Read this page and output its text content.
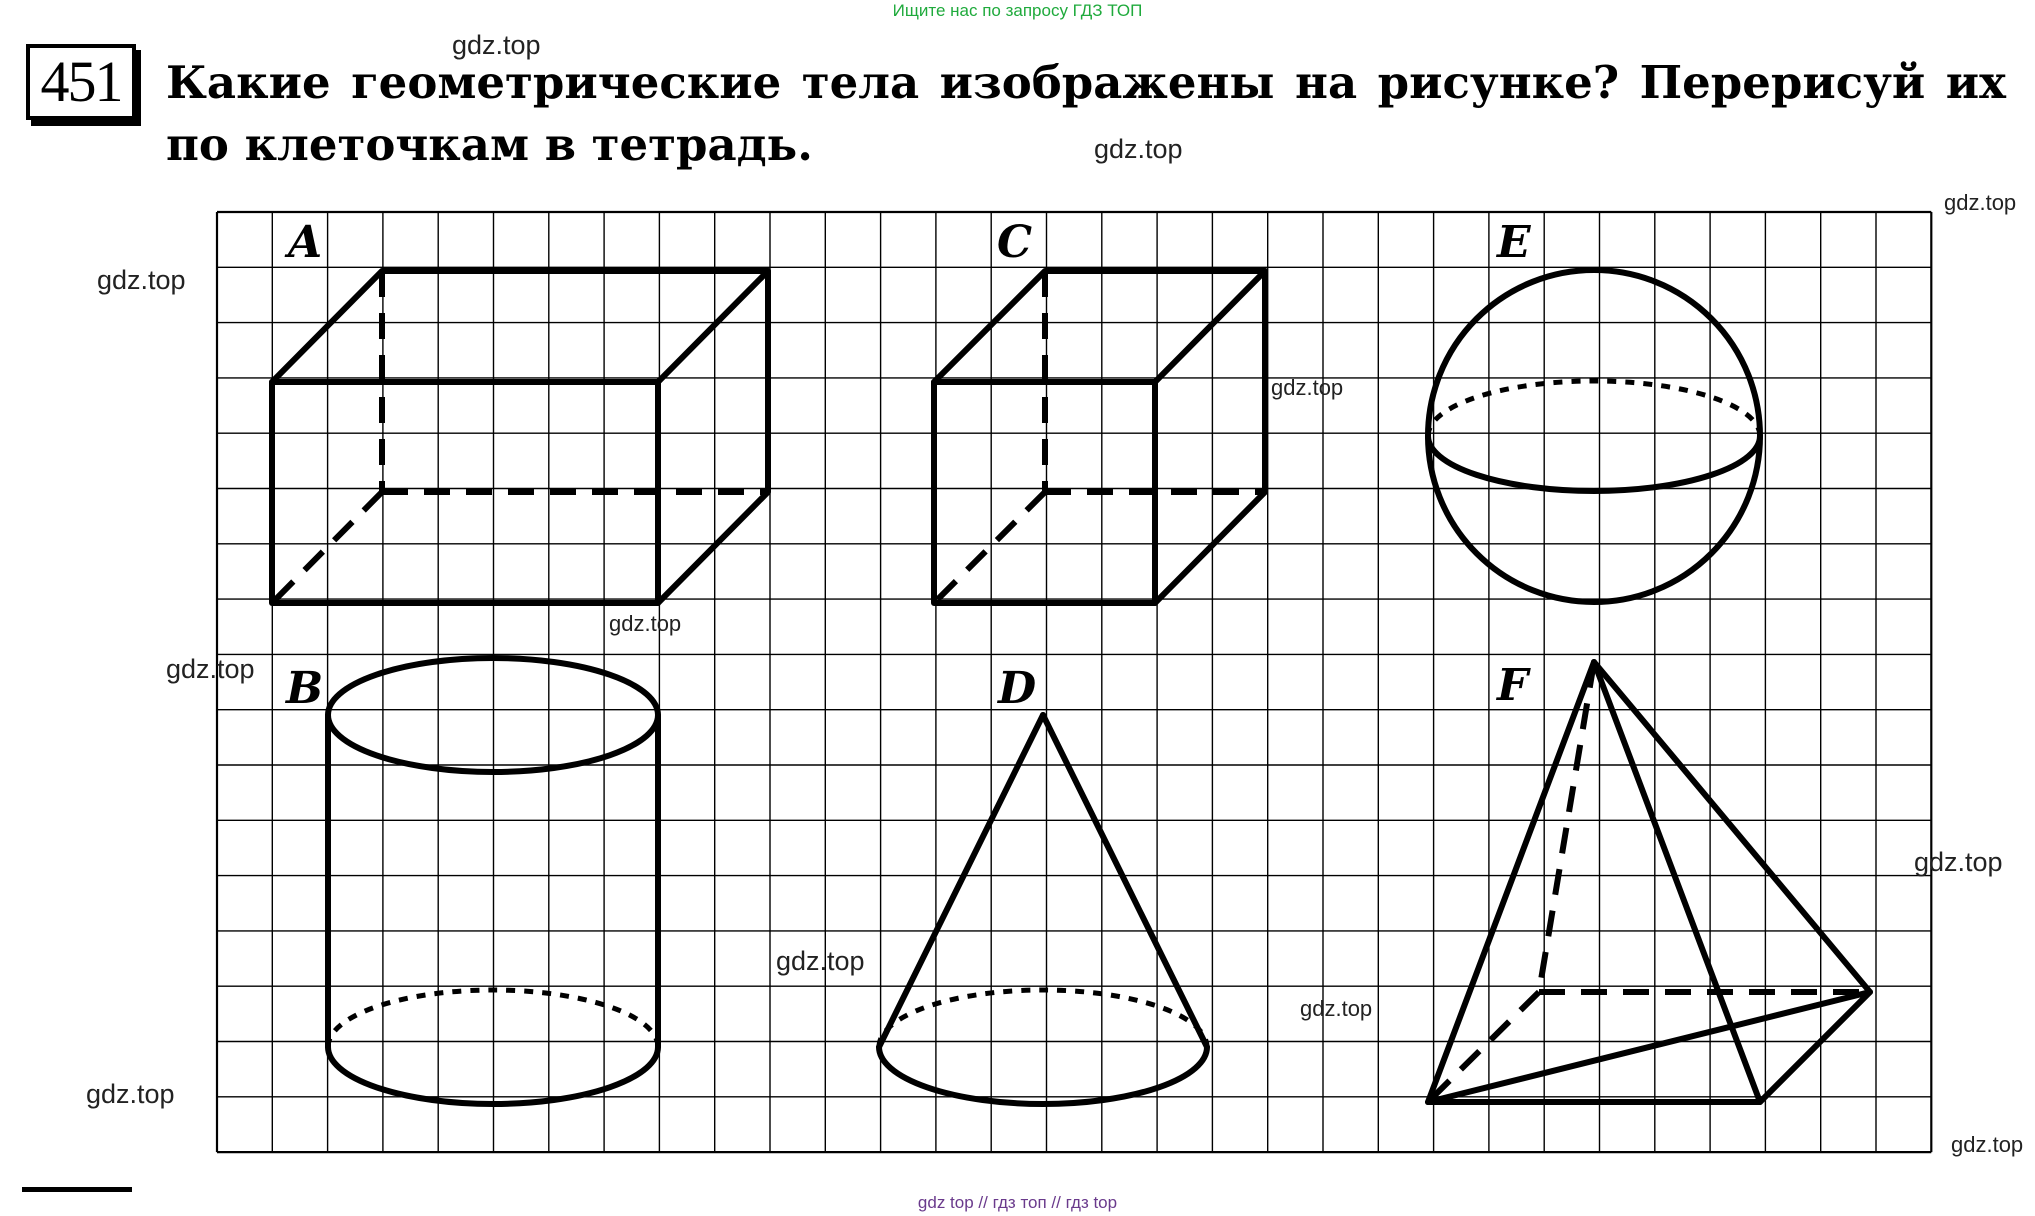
Ищите нас по запросу ГДЗ ТОП
451 Какие геометрические тела изображены на рисунке? Перерисуй их по клеточкам в тетрадь.

A	C	E
B	D	F
gdz.top
gdz.top
gdz.top
gdz.top
gdz.top
gdz.top
gdz.top
gdz.top
gdz.top
gdz.top
gdz.top
gdz.top
gdz top // гдз топ // гдз top
